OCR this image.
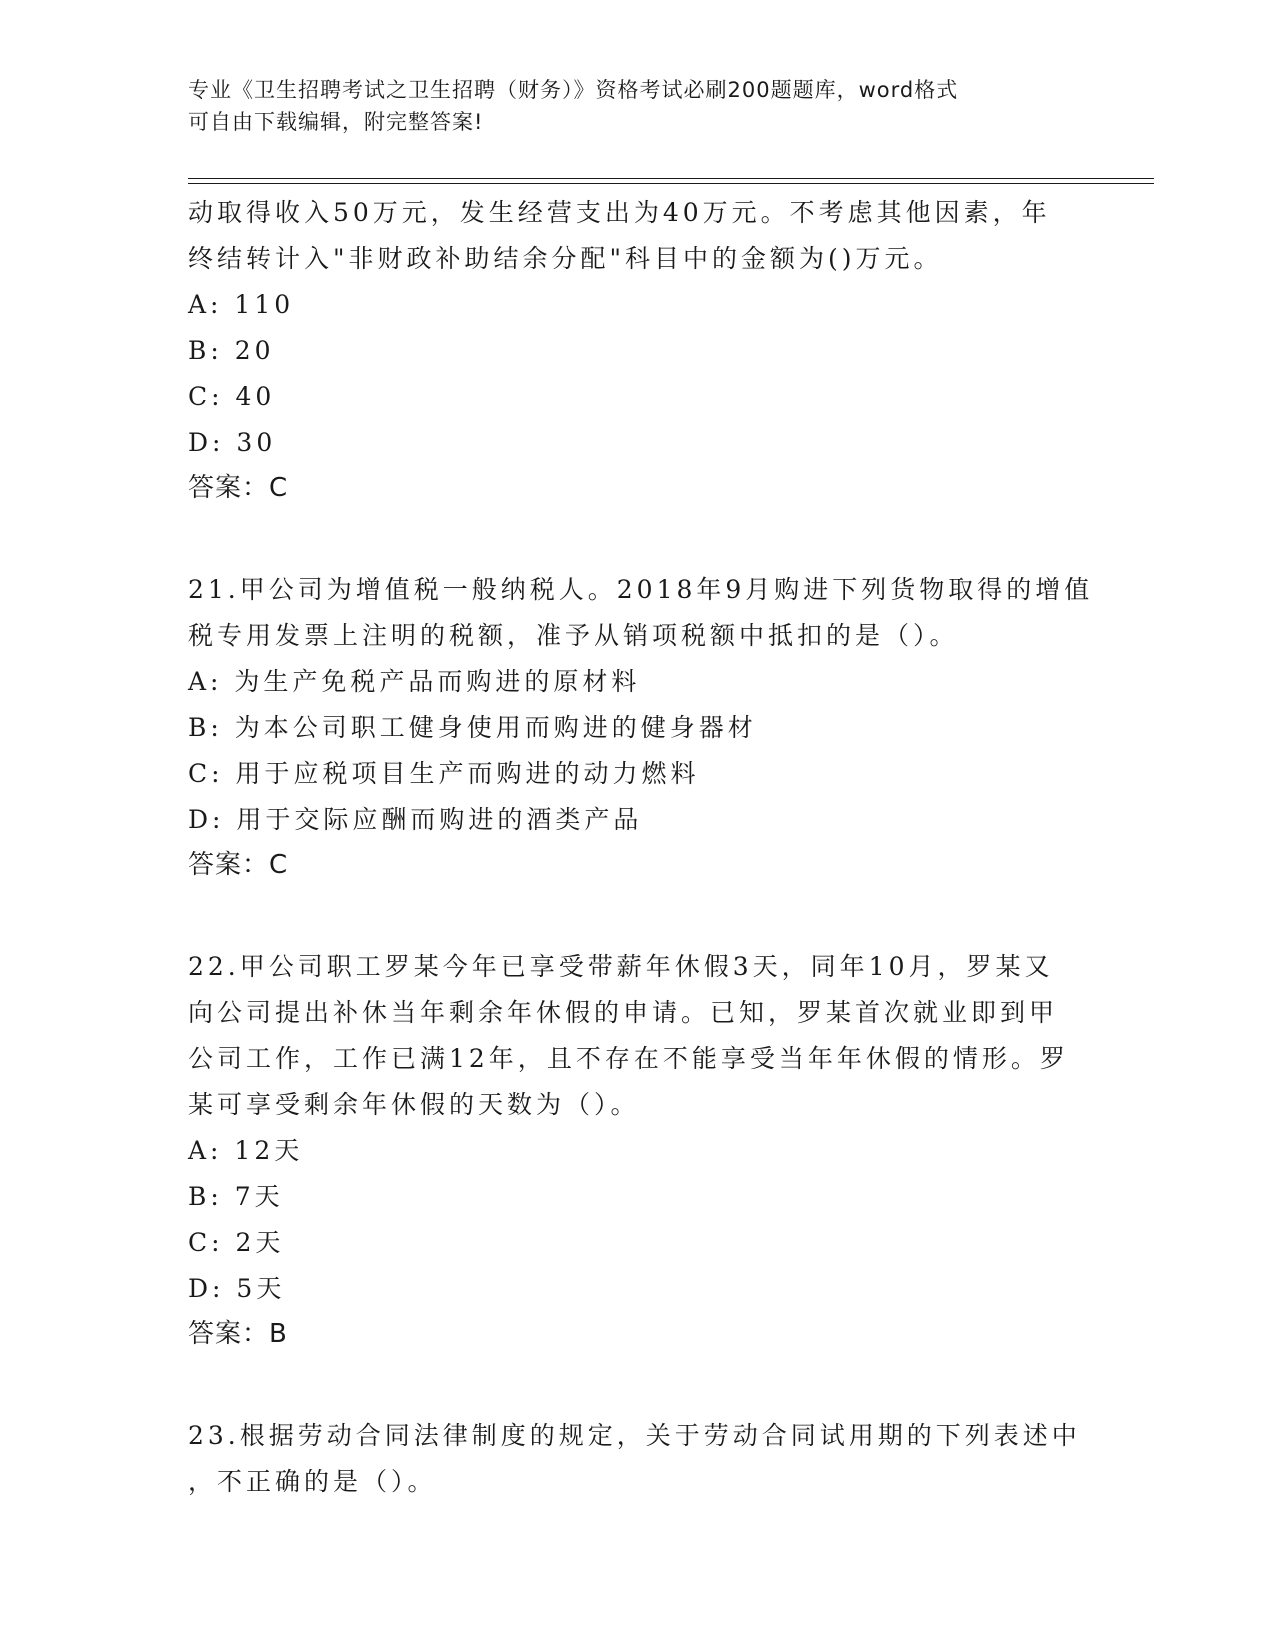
专业《卫生招聘考试之卫生招聘（财务）》资格考试必刷200题题库，word格式
可自由下载编辑，附完整答案!
动取得收入50万元，发生经营支出为40万元。不考虑其他因素，年
终结转计入"非财政补助结余分配"科目中的金额为()万元。
A: 110
B: 20
C: 40
D: 30
答案：C
21.甲公司为增值税一般纳税人。2018年9月购进下列货物取得的增值
税专用发票上注明的税额，准予从销项税额中抵扣的是（）。
A: 为生产免税产品而购进的原材料
B: 为本公司职工健身使用而购进的健身器材
C: 用于应税项目生产而购进的动力燃料
D: 用于交际应酬而购进的酒类产品
答案：C
22.甲公司职工罗某今年已享受带薪年休假3天，同年10月，罗某又
向公司提出补休当年剩余年休假的申请。已知，罗某首次就业即到甲
公司工作，工作已满12年，且不存在不能享受当年年休假的情形。罗
某可享受剩余年休假的天数为（）。
A: 12天
B: 7天
C: 2天
D: 5天
答案：B
23.根据劳动合同法律制度的规定，关于劳动合同试用期的下列表述中
，不正确的是（）。
